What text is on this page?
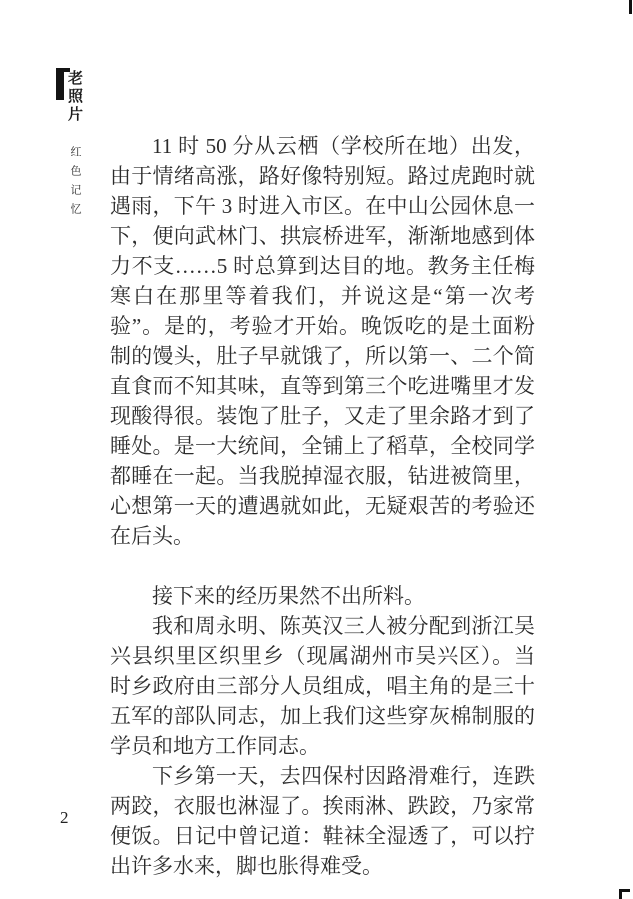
老照片
红色记忆	11 时 50 分从云栖（学校所在地）出发，由于情绪高涨，路好像特别短。路过虎跑时就遇雨，下午 3 时进入市区。在中山公园休息一下，便向武林门、拱宸桥进军，渐渐地感到体力不支……5 时总算到达目的地。教务主任梅寒白在那里等着我们，并说这是“第一次考验”。是的，考验才开始。晚饭吃的是土面粉制的馒头，肚子早就饿了，所以第一、二个简直食而不知其味，直等到第三个吃进嘴里才发现酸得很。装饱了肚子，又走了里余路才到了睡处。是一大统间，全铺上了稻草，全校同学都睡在一起。当我脱掉湿衣服，钻进被筒里，心想第一天的遭遇就如此，无疑艰苦的考验还在后头。

接下来的经历果然不出所料。

我和周永明、陈英汉三人被分配到浙江吴兴县织里区织里乡（现属湖州市吴兴区）。当时乡政府由三部分人员组成，唱主角的是三十五军的部队同志，加上我们这些穿灰棉制服的学员和地方工作同志。

下乡第一天，去四保村因路滑难行，连跌两跤，衣服也淋湿了。挨雨淋、跌跤，乃家常便饭。日记中曾记道：鞋袜全湿透了，可以拧出许多水来，脚也胀得难受。

2
